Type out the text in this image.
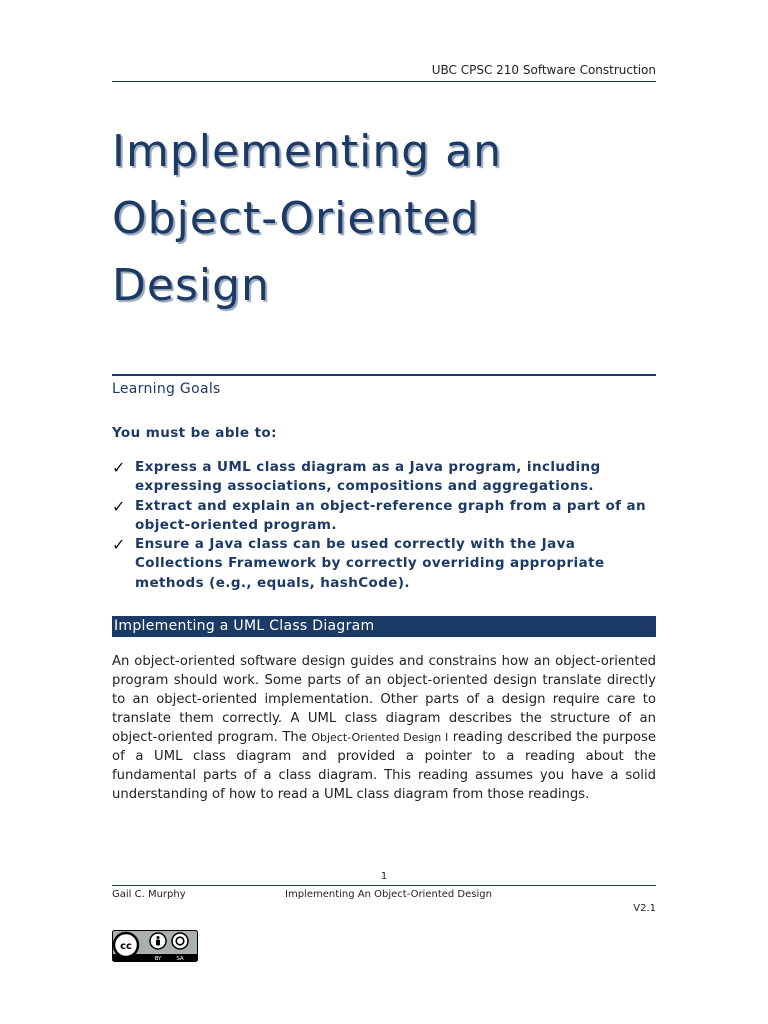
UBC CPSC 210 Software Construction
Implementing an
Object-Oriented
Design
Learning Goals
You must be able to:
✓ Express a UML class diagram as a Java program, including
expressing associations, compositions and aggregations.
✓ Extract and explain an object-reference graph from a part of an
object-oriented program.
✓ Ensure a Java class can be used correctly with the Java
Collections Framework by correctly overriding appropriate
methods (e.g., equals, hashCode).
Implementing a UML Class Diagram

An object-oriented software design guides and constrains how an object-oriented program should work. Some parts of an object-oriented design translate directly to an object-oriented implementation. Other parts of a design require care to translate them correctly. A UML class diagram describes the structure of an object-oriented program. The Object-Oriented Design I reading described the purpose of a UML class diagram and provided a pointer to a reading about the fundamental parts of a class diagram. This reading assumes you have a solid understanding of how to read a UML class diagram from those readings.

1
Gail C. Murphy	Implementing An Object-Oriented Design
V2.1
cc
BY	SA
